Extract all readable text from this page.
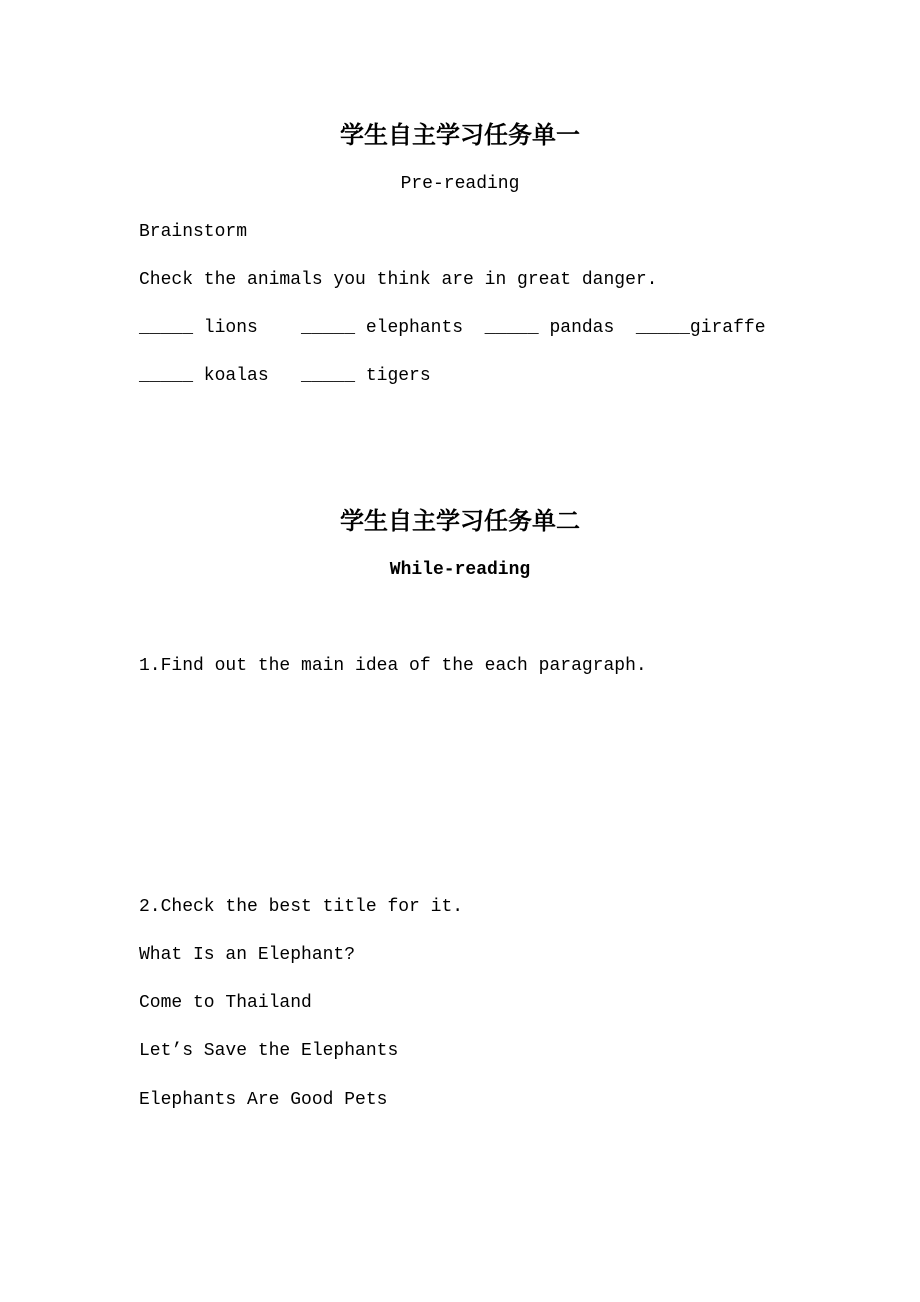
学生自主学习任务单一
Pre-reading
Brainstorm
Check the animals you think are in great danger.
_____ lions    _____ elephants  _____ pandas  _____giraffe
_____ koalas   _____ tigers
学生自主学习任务单二
While-reading
1.Find out the main idea of the each paragraph.
2.Check the best title for it.
What Is an Elephant?
Come to Thailand
Let’s Save the Elephants
Elephants Are Good Pets
